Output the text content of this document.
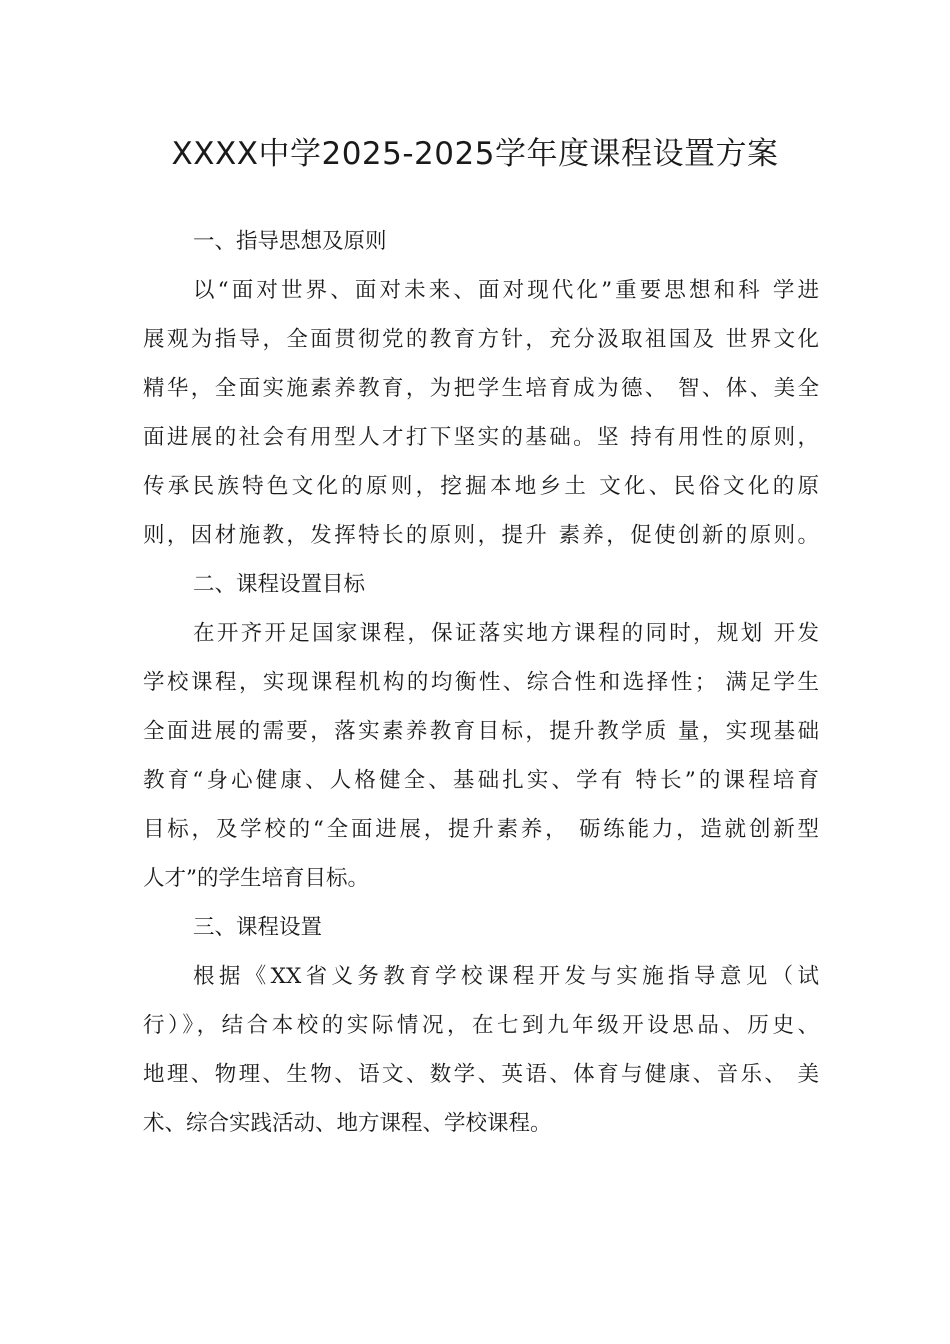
XXXX中学2025-2025学年度课程设置方案

一、指导思想及原则

以“面对世界、面对未来、面对现代化”重要思想和科 学进
展观为指导，全面贯彻党的教育方针，充分汲取祖国及 世界文化
精华，全面实施素养教育，为把学生培育成为德、 智、体、美全
面进展的社会有用型人才打下坚实的基础。坚 持有用性的原则，
传承民族特色文化的原则，挖掘本地乡土 文化、民俗文化的原
则，因材施教，发挥特长的原则，提升 素养，促使创新的原则。

二、课程设置目标

在开齐开足国家课程，保证落实地方课程的同时，规划 开发
学校课程，实现课程机构的均衡性、综合性和选择性； 满足学生
全面进展的需要，落实素养教育目标，提升教学质 量，实现基础
教育“身心健康、人格健全、基础扎实、学有 特长”的课程培育
目标，及学校的“全面进展，提升素养， 砺练能力，造就创新型
人才”的学生培育目标。

三、课程设置

根据《XX省义务教育学校课程开发与实施指导意见（试
行）》，结合本校的实际情况，在七到九年级开设思品、历史、
地理、物理、生物、语文、数学、英语、体育与健康、音乐、 美
术、综合实践活动、地方课程、学校课程。
